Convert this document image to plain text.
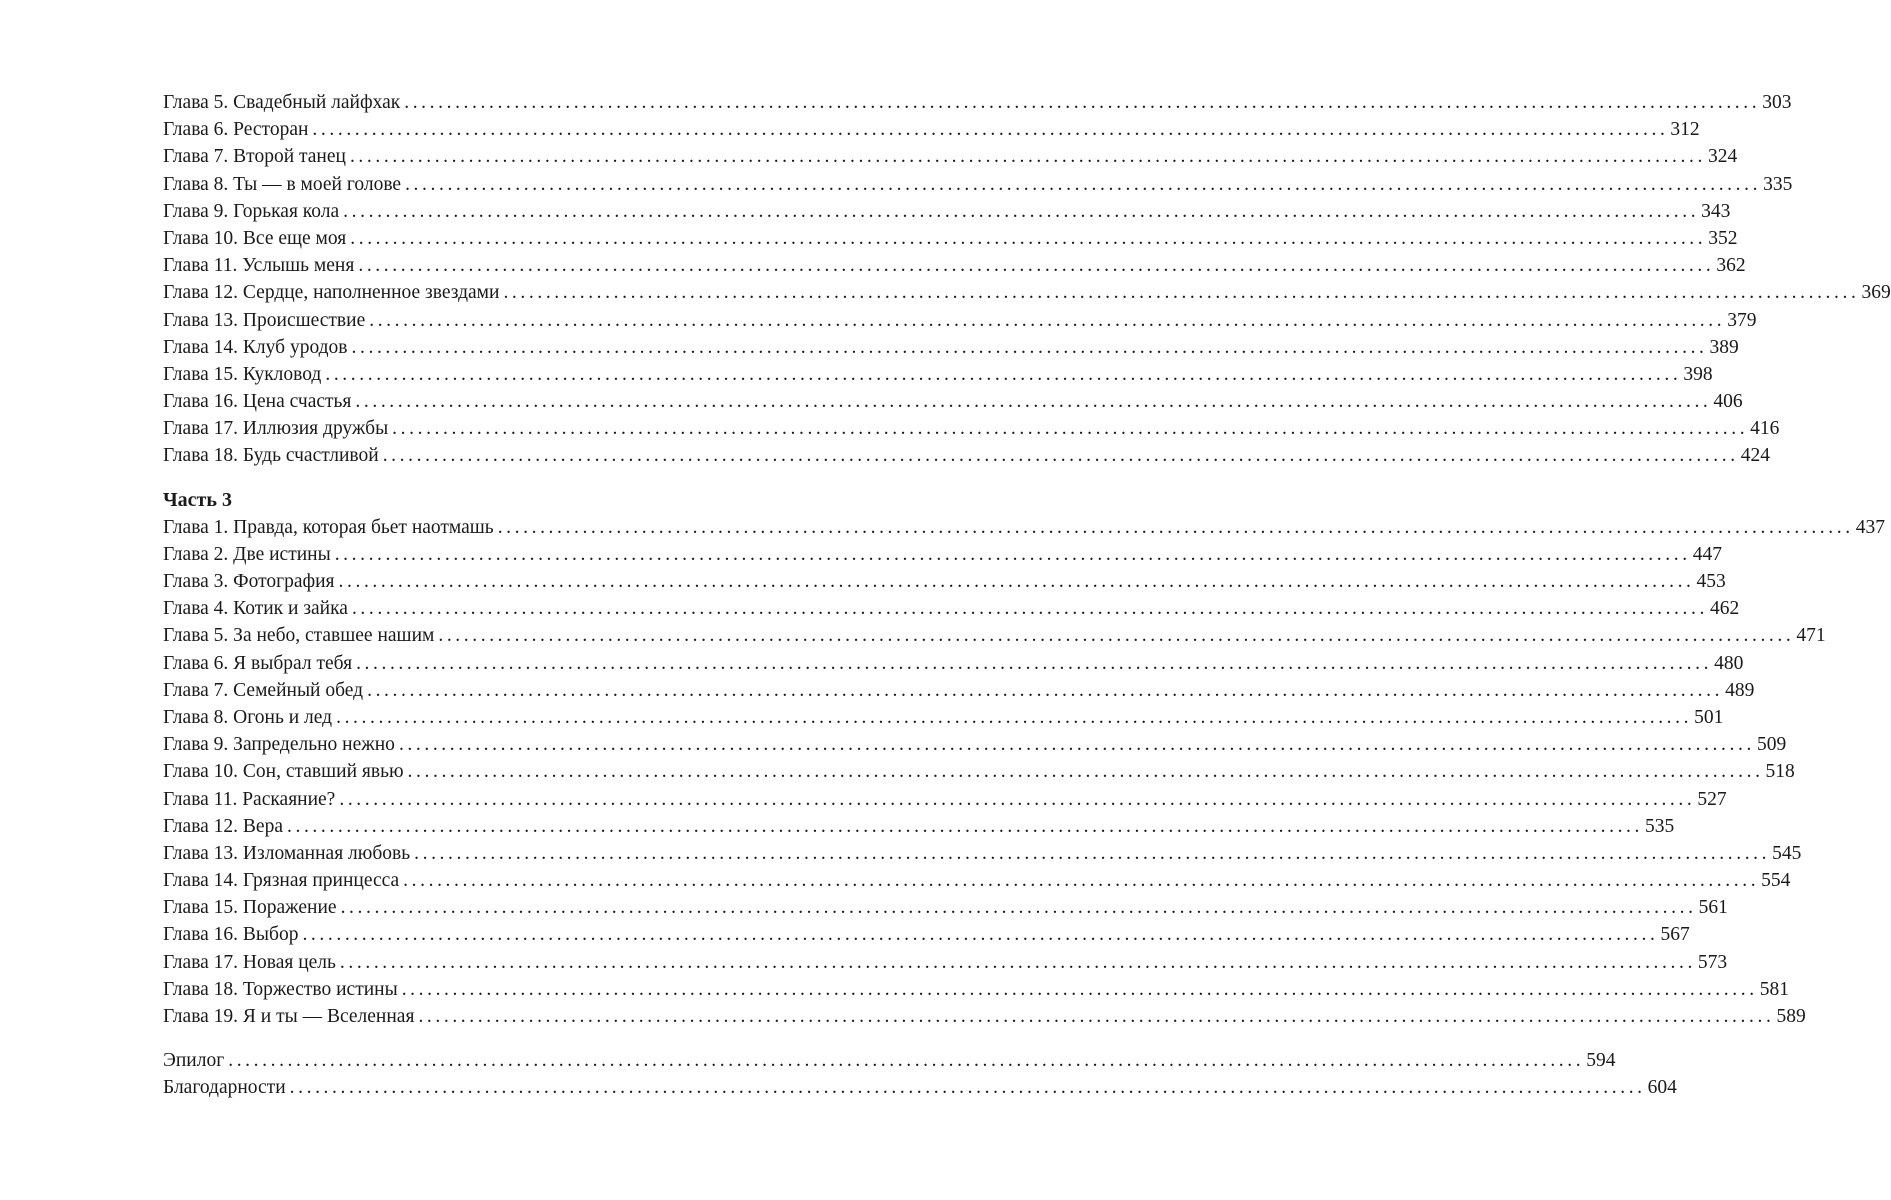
Глава 5. Свадебный лайфхак ................................................................................................................................................................ 303
Глава 6. Ресторан ................................................................................................................................................................ 312
Глава 7. Второй танец ................................................................................................................................................................ 324
Глава 8. Ты — в моей голове ................................................................................................................................................................ 335
Глава 9. Горькая кола ................................................................................................................................................................ 343
Глава 10. Все еще моя ................................................................................................................................................................ 352
Глава 11. Услышь меня ................................................................................................................................................................ 362
Глава 12. Сердце, наполненное звездами ................................................................................................................................................................ 369
Глава 13. Происшествие ................................................................................................................................................................ 379
Глава 14. Клуб уродов ................................................................................................................................................................ 389
Глава 15. Кукловод ................................................................................................................................................................ 398
Глава 16. Цена счастья ................................................................................................................................................................ 406
Глава 17. Иллюзия дружбы ................................................................................................................................................................ 416
Глава 18. Будь счастливой ................................................................................................................................................................ 424
Часть 3
Глава 1. Правда, которая бьет наотмашь ................................................................................................................................................................ 437
Глава 2. Две истины ................................................................................................................................................................ 447
Глава 3. Фотография ................................................................................................................................................................ 453
Глава 4. Котик и зайка ................................................................................................................................................................ 462
Глава 5. За небо, ставшее нашим ................................................................................................................................................................ 471
Глава 6. Я выбрал тебя ................................................................................................................................................................ 480
Глава 7. Семейный обед ................................................................................................................................................................ 489
Глава 8. Огонь и лед ................................................................................................................................................................ 501
Глава 9. Запредельно нежно ................................................................................................................................................................ 509
Глава 10. Сон, ставший явью ................................................................................................................................................................ 518
Глава 11. Раскаяние? ................................................................................................................................................................ 527
Глава 12. Вера ................................................................................................................................................................ 535
Глава 13. Изломанная любовь ................................................................................................................................................................ 545
Глава 14. Грязная принцесса ................................................................................................................................................................ 554
Глава 15. Поражение ................................................................................................................................................................ 561
Глава 16. Выбор ................................................................................................................................................................ 567
Глава 17. Новая цель ................................................................................................................................................................ 573
Глава 18. Торжество истины ................................................................................................................................................................ 581
Глава 19. Я и ты — Вселенная ................................................................................................................................................................ 589
Эпилог ................................................................................................................................................................ 594
Благодарности ................................................................................................................................................................ 604
